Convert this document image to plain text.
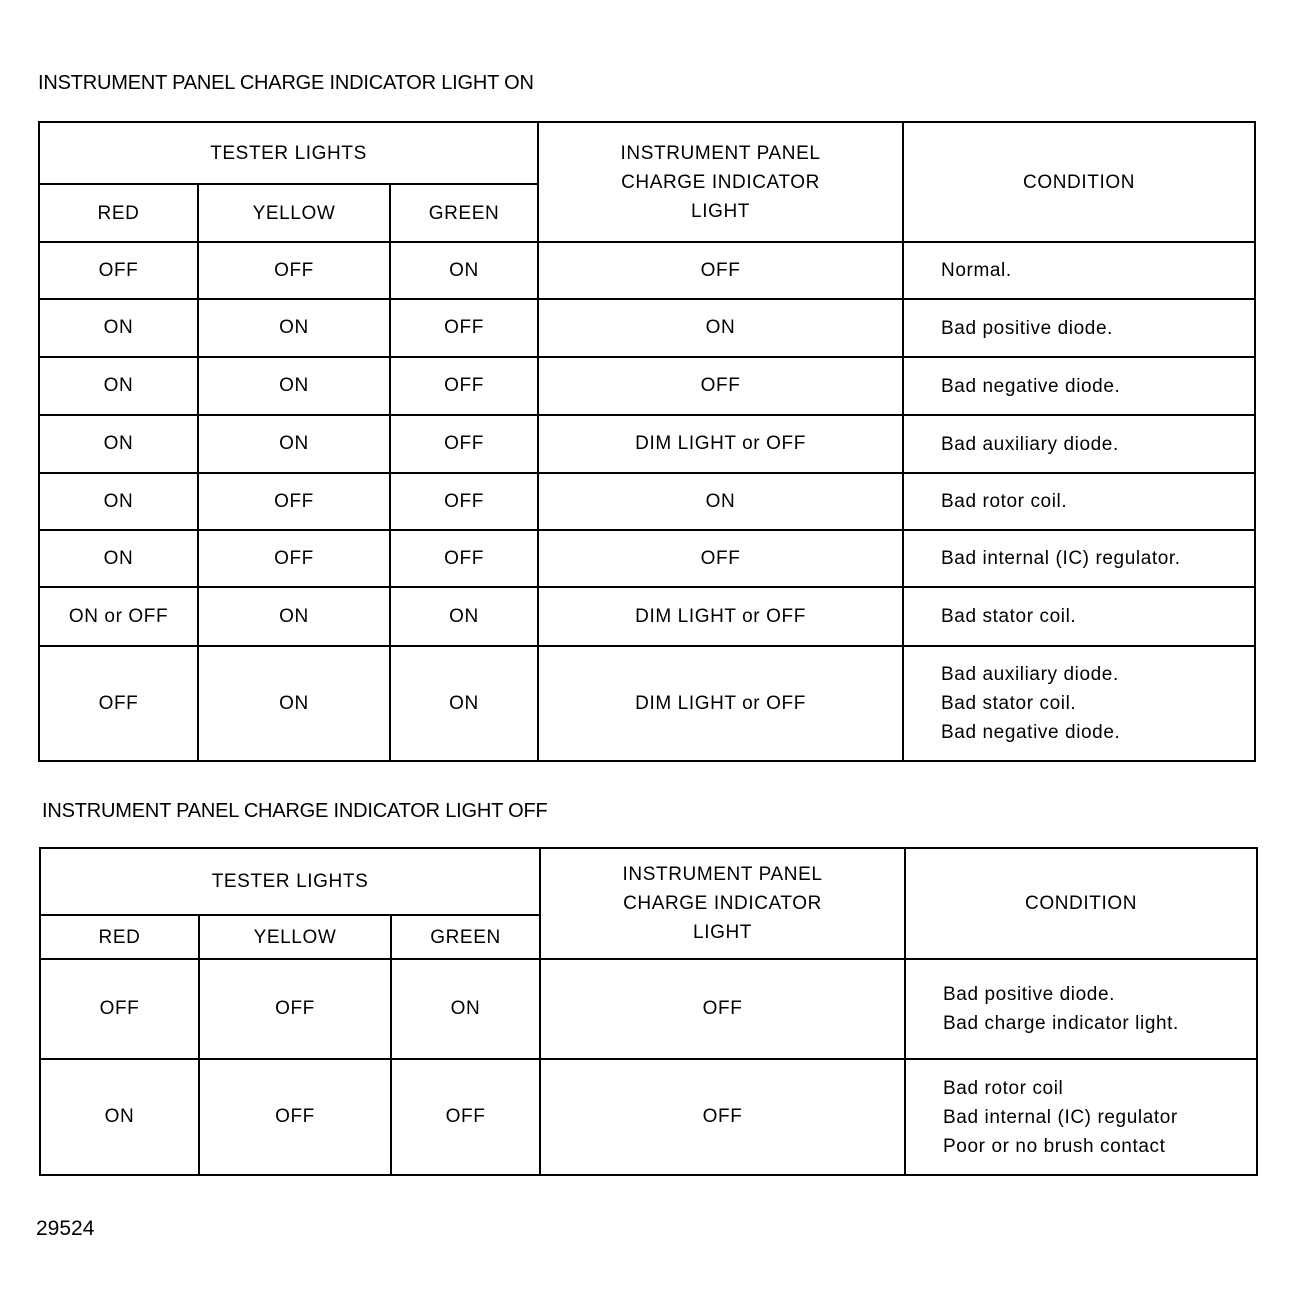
INSTRUMENT PANEL CHARGE INDICATOR LIGHT ON
TESTER LIGHTS			INSTRUMENT PANEL
CHARGE INDICATOR
LIGHT	CONDITION
RED	YELLOW	GREEN		
OFF	OFF	ON	OFF	Normal.

ON	ON	OFF	ON	Bad positive diode.

ON	ON	OFF	OFF	Bad negative diode.

ON	ON	OFF	DIM LIGHT or OFF	Bad auxiliary diode.

ON	OFF	OFF	ON	Bad rotor coil.

ON	OFF	OFF	OFF	Bad internal (IC) regulator.

ON or OFF	ON	ON	DIM LIGHT or OFF	Bad stator coil.

OFF	ON	ON	DIM LIGHT or OFF	Bad auxiliary diode.
Bad stator coil.
Bad negative diode.
INSTRUMENT PANEL CHARGE INDICATOR LIGHT OFF
TESTER LIGHTS			INSTRUMENT PANEL
CHARGE INDICATOR
LIGHT	CONDITION
RED	YELLOW	GREEN		
OFF	OFF	ON	OFF	Bad positive diode.
Bad charge indicator light.

ON	OFF	OFF	OFF	Bad rotor coil
Bad internal (IC) regulator
Poor or no brush contact
29524
